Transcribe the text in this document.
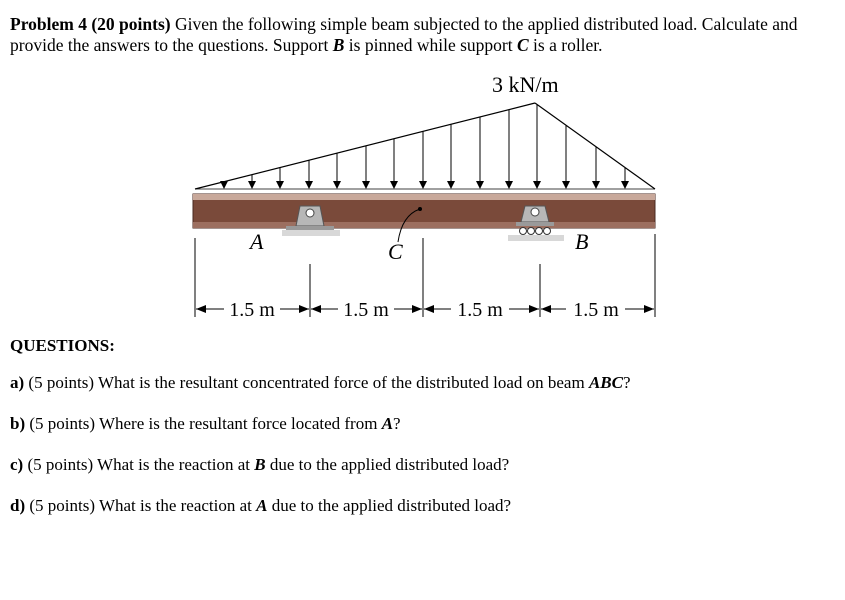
Problem 4 (20 points) Given the following simple beam subjected to the applied distributed load. Calculate and provide the answers to the questions. Support B is pinned while support C is a roller.

3 kN/m
A	C	B
1.5 m	1.5 m	1.5 m	1.5 m

QUESTIONS:

a) (5 points) What is the resultant concentrated force of the distributed load on beam ABC?

b) (5 points) Where is the resultant force located from A?

c) (5 points) What is the reaction at B due to the applied distributed load?

d) (5 points) What is the reaction at A due to the applied distributed load?
